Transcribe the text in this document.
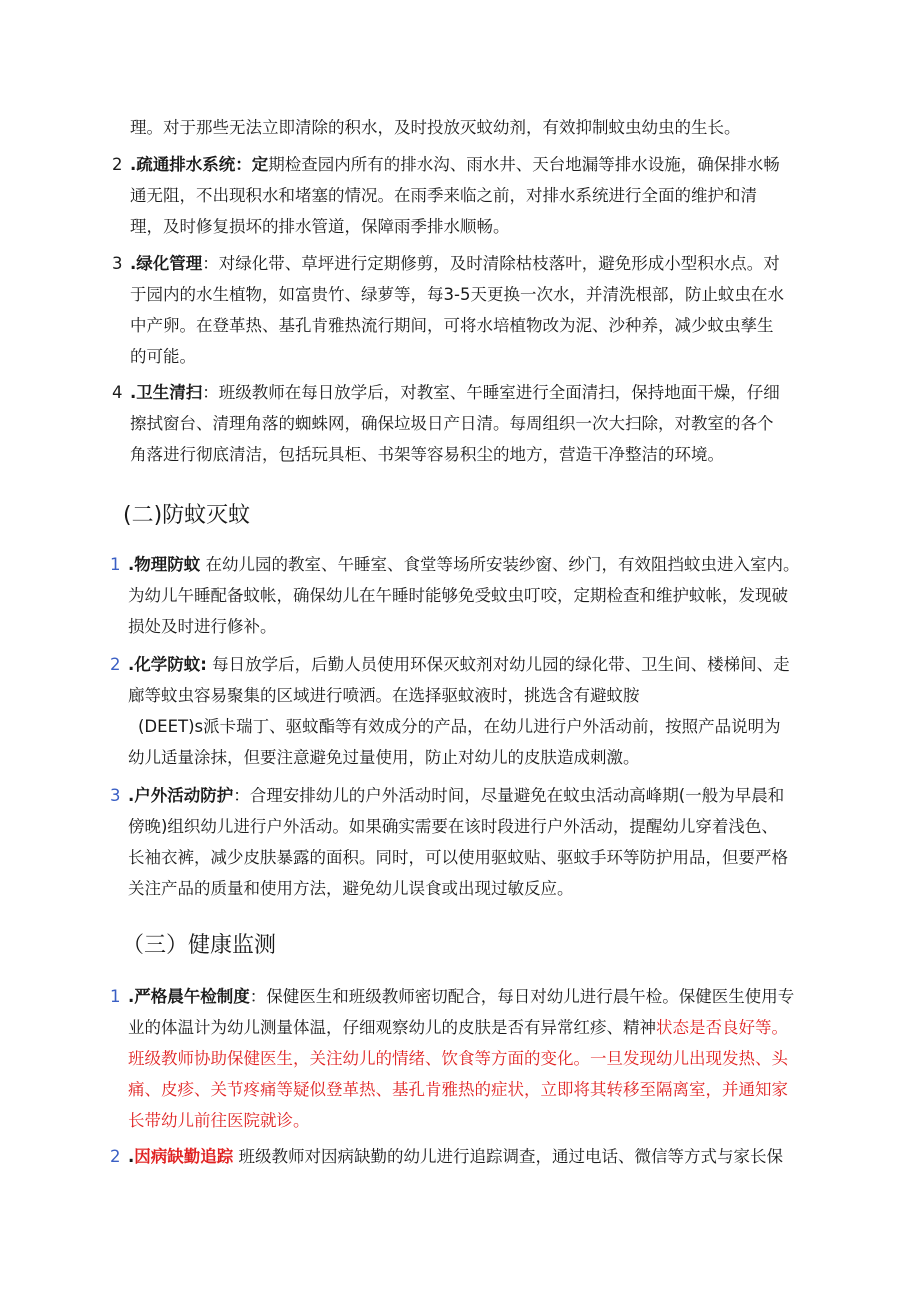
理。对于那些无法立即清除的积水，及时投放灭蚊幼剂，有效抑制蚊虫幼虫的生长。
2 .疏通排水系统：定期检查园内所有的排水沟、雨水井、天台地漏等排水设施，确保排水畅
通无阻，不出现积水和堵塞的情况。在雨季来临之前，对排水系统进行全面的维护和清
理，及时修复损坏的排水管道，保障雨季排水顺畅。
3 .绿化管理：对绿化带、草坪进行定期修剪，及时清除枯枝落叶，避免形成小型积水点。对
于园内的水生植物，如富贵竹、绿萝等，每3-5天更换一次水，并清洗根部，防止蚊虫在水
中产卵。在登革热、基孔肯雅热流行期间，可将水培植物改为泥、沙种养，减少蚊虫孳生
的可能。
4 .卫生清扫：班级教师在每日放学后，对教室、午睡室进行全面清扫，保持地面干燥，仔细
擦拭窗台、清理角落的蜘蛛网，确保垃圾日产日清。每周组织一次大扫除，对教室的各个
角落进行彻底清洁，包括玩具柜、书架等容易积尘的地方，营造干净整洁的环境。
(二)防蚊灭蚊
1 .物理防蚊 在幼儿园的教室、午睡室、食堂等场所安装纱窗、纱门，有效阻挡蚊虫进入室内。
为幼儿午睡配备蚊帐，确保幼儿在午睡时能够免受蚊虫叮咬，定期检查和维护蚊帐，发现破
损处及时进行修补。
2 .化学防蚊: 每日放学后，后勤人员使用环保灭蚊剂对幼儿园的绿化带、卫生间、楼梯间、走
廊等蚊虫容易聚集的区域进行喷洒。在选择驱蚊液时，挑选含有避蚊胺
(DEET)s派卡瑞丁、驱蚊酯等有效成分的产品，在幼儿进行户外活动前，按照产品说明为
幼儿适量涂抹，但要注意避免过量使用，防止对幼儿的皮肤造成刺激。
3 .户外活动防护：合理安排幼儿的户外活动时间，尽量避免在蚊虫活动高峰期(一般为早晨和
傍晚)组织幼儿进行户外活动。如果确实需要在该时段进行户外活动，提醒幼儿穿着浅色、
长袖衣裤，减少皮肤暴露的面积。同时，可以使用驱蚊贴、驱蚊手环等防护用品，但要严格
关注产品的质量和使用方法，避免幼儿误食或出现过敏反应。
（三）健康监测
1 .严格晨午检制度：保健医生和班级教师密切配合，每日对幼儿进行晨午检。保健医生使用专
业的体温计为幼儿测量体温，仔细观察幼儿的皮肤是否有异常红疹、精神状态是否良好等。
班级教师协助保健医生，关注幼儿的情绪、饮食等方面的变化。一旦发现幼儿出现发热、头
痛、皮疹、关节疼痛等疑似登革热、基孔肯雅热的症状，立即将其转移至隔离室，并通知家
长带幼儿前往医院就诊。
2 .因病缺勤追踪 班级教师对因病缺勤的幼儿进行追踪调查，通过电话、微信等方式与家长保
